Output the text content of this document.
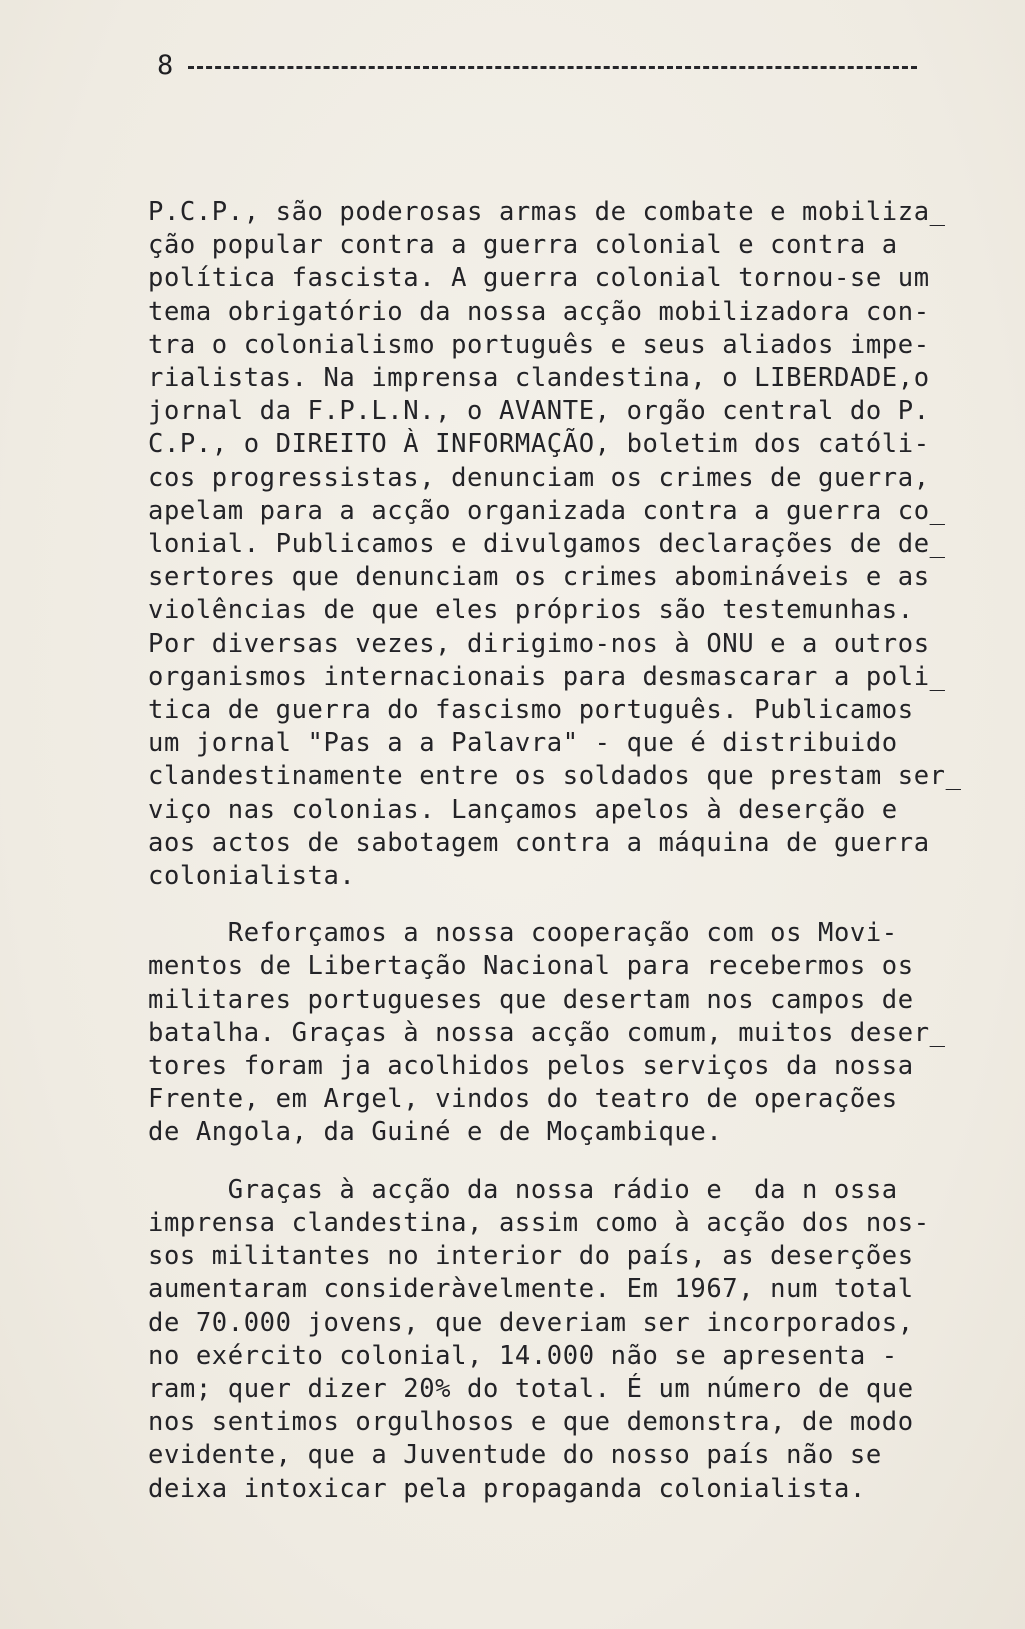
8

P.C.P., são poderosas armas de combate e mobiliza_
ção popular contra a guerra colonial e contra a
política fascista. A guerra colonial tornou-se um
tema obrigatório da nossa acção mobilizadora con-
tra o colonialismo português e seus aliados impe-
rialistas. Na imprensa clandestina, o LIBERDADE,o
jornal da F.P.L.N., o AVANTE, orgão central do P.
C.P., o DIREITO À INFORMAÇÃO, boletim dos católi-
cos progressistas, denunciam os crimes de guerra,
apelam para a acção organizada contra a guerra co_
lonial. Publicamos e divulgamos declarações de de_
sertores que denunciam os crimes abomináveis e as
violências de que eles próprios são testemunhas.
Por diversas vezes, dirigimo-nos à ONU e a outros
organismos internacionais para desmascarar a poli_
tica de guerra do fascismo português. Publicamos
um jornal "Pas a a Palavra" - que é distribuido
clandestinamente entre os soldados que prestam ser_
viço nas colonias. Lançamos apelos à deserção e
aos actos de sabotagem contra a máquina de guerra
colonialista.

Reforçamos a nossa cooperação com os Movi-
mentos de Libertação Nacional para recebermos os
militares portugueses que desertam nos campos de
batalha. Graças à nossa acção comum, muitos deser_
tores foram ja acolhidos pelos serviços da nossa
Frente, em Argel, vindos do teatro de operações
de Angola, da Guiné e de Moçambique.

Graças à acção da nossa rádio e  da n ossa
imprensa clandestina, assim como à acção dos nos-
sos militantes no interior do país, as deserções
aumentaram consideràvelmente. Em 1967, num total
de 70.000 jovens, que deveriam ser incorporados,
no exército colonial, 14.000 não se apresenta -
ram; quer dizer 20% do total. É um número de que
nos sentimos orgulhosos e que demonstra, de modo
evidente, que a Juventude do nosso país não se
deixa intoxicar pela propaganda colonialista.
